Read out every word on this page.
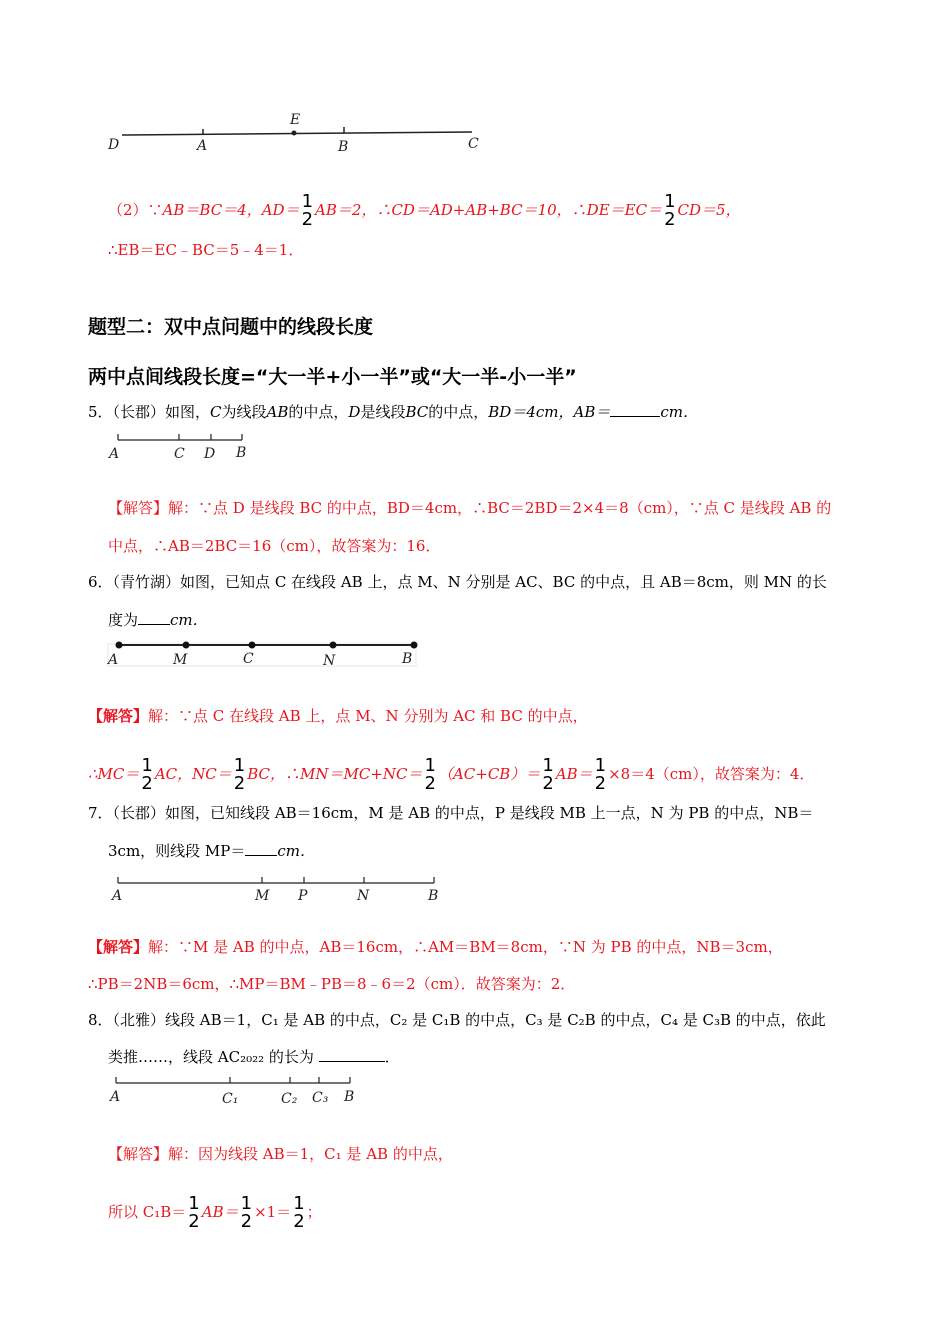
D	A
E
B	C
（2）∵AB＝BC＝4，AD＝ 1
2 AB＝2，∴CD＝AD+AB+BC＝10，∴DE＝EC＝ 1
2 CD＝5，
∴EB＝EC﹣BC＝5﹣4＝1．
题型二：双中点问题中的线段长度
两中点间线段长度=“大一半+小一半”或“大一半-小一半”
5．（长郡）如图，C为线段AB的中点，D是线段BC的中点，BD＝4cm，AB＝	cm．
A	C D B
【解答】解：∵点 D 是线段 BC 的中点，BD＝4cm，∴BC＝2BD＝2×4＝8（cm），∵点 C 是线段 AB 的
中点，∴AB＝2BC＝16（cm），故答案为：16．
6．（青竹湖）如图，已知点 C 在线段 AB 上，点 M、N 分别是 AC、BC 的中点，且 AB＝8cm，则 MN 的长
度为 cm．
A	M	C	N	B
【解答】解：∵点 C 在线段 AB 上，点 M、N 分别为 AC 和 BC 的中点，
∴MC＝ 1
2 AC，NC＝ 1
2 BC，∴MN＝MC+NC＝ 1
2 （AC+CB）＝ 1
2 AB＝ 1
2 ×8＝4（cm），故答案为：4．
7．（长郡）如图，已知线段 AB＝16cm，M 是 AB 的中点，P 是线段 MB 上一点，N 为 PB 的中点，NB＝
3cm，则线段 MP＝ cm．
A	M P	N	B
【解答】解：∵M 是 AB 的中点，AB＝16cm，∴AM＝BM＝8cm，∵N 为 PB 的中点，NB＝3cm，
∴PB＝2NB＝6cm，∴MP＝BM﹣PB＝8﹣6＝2（cm）．故答案为：2．
8．（北雅）线段 AB＝1，C₁ 是 AB 的中点，C₂ 是 C₁B 的中点，C₃ 是 C₂B 的中点，C₄ 是 C₃B 的中点，依此
类推……，线段 AC₂₀₂₂ 的长为	．
A	C₁	C₂ C₃ B
【解答】解：因为线段 AB＝1，C₁ 是 AB 的中点，
所以 C₁B＝ 1
2 AB＝ 1
2 ×1＝ 1
2 ；
